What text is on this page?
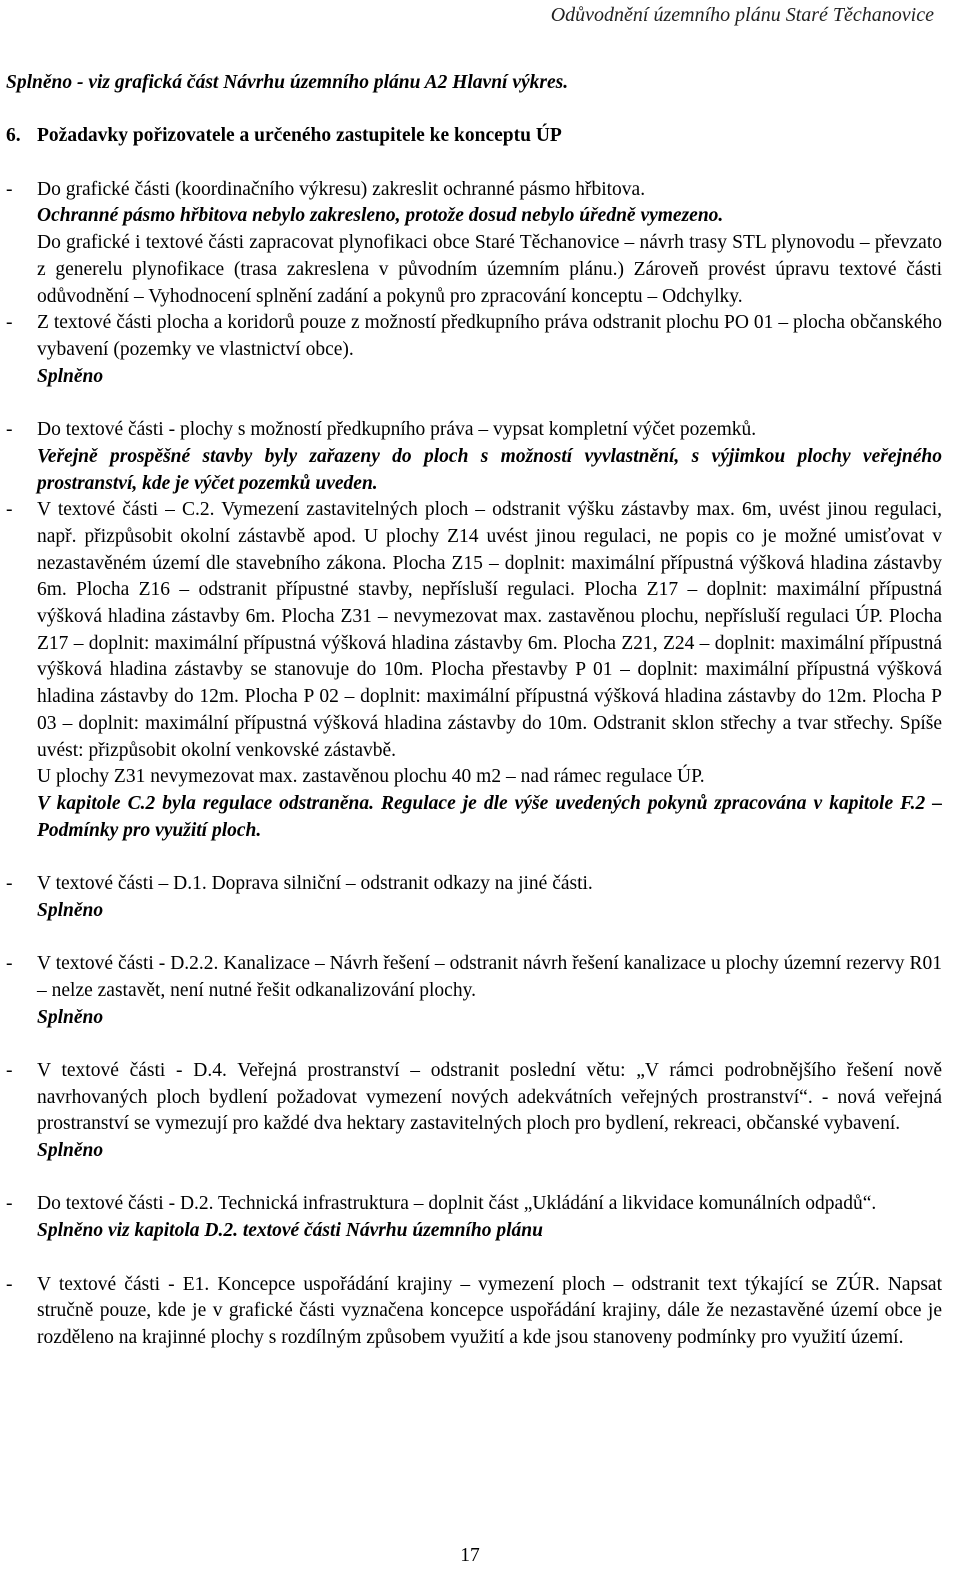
Odůvodnění územního plánu Staré Těchanovice

Splněno - viz grafická část Návrhu územního plánu A2 Hlavní výkres.

6. Požadavky pořizovatele a určeného zastupitele ke konceptu ÚP
- Do grafické části (koordinačního výkresu) zakreslit ochranné pásmo hřbitova.

Ochranné pásmo hřbitova nebylo zakresleno, protože dosud nebylo úředně vymezeno.

Do grafické i textové části zapracovat plynofikaci obce Staré Těchanovice – návrh trasy STL plynovodu – převzato z generelu plynofikace (trasa zakreslena v původním územním plánu.) Zároveň provést úpravu textové části odůvodnění – Vyhodnocení splnění zadání a pokynů pro zpracování konceptu – Odchylky.

- Z textové části plocha a koridorů pouze z možností předkupního práva odstranit plochu PO 01 – plocha občanského vybavení (pozemky ve vlastnictví obce).

Splněno

- Do textové části - plochy s možností předkupního práva – vypsat kompletní výčet pozemků.

Veřejně prospěšné stavby byly zařazeny do ploch s možností vyvlastnění, s výjimkou plochy veřejného prostranství, kde je výčet pozemků uveden.

- V textové části – C.2. Vymezení zastavitelných ploch – odstranit výšku zástavby max. 6m, uvést jinou regulaci, např. přizpůsobit okolní zástavbě apod. U plochy Z14 uvést jinou regulaci, ne popis co je možné umisťovat v nezastavěném území dle stavebního zákona. Plocha Z15 – doplnit: maximální přípustná výšková hladina zástavby 6m. Plocha Z16 – odstranit přípustné stavby, nepřísluší regulaci. Plocha Z17 – doplnit: maximální přípustná výšková hladina zástavby 6m. Plocha Z31 – nevymezovat max. zastavěnou plochu, nepřísluší regulaci ÚP. Plocha Z17 – doplnit: maximální přípustná výšková hladina zástavby 6m. Plocha Z21, Z24 – doplnit: maximální přípustná výšková hladina zástavby se stanovuje do 10m. Plocha přestavby P 01 – doplnit: maximální přípustná výšková hladina zástavby do 12m. Plocha P 02 – doplnit: maximální přípustná výšková hladina zástavby do 12m. Plocha P 03 – doplnit: maximální přípustná výšková hladina zástavby do 10m. Odstranit sklon střechy a tvar střechy. Spíše uvést: přizpůsobit okolní venkovské zástavbě.

U plochy Z31 nevymezovat max. zastavěnou plochu 40 m2 – nad rámec regulace ÚP.

V kapitole C.2 byla regulace odstraněna. Regulace je dle výše uvedených pokynů zpracována v kapitole F.2 – Podmínky pro využití ploch.

- V textové části – D.1. Doprava silniční – odstranit odkazy na jiné části.

Splněno

- V textové části - D.2.2. Kanalizace – Návrh řešení – odstranit návrh řešení kanalizace u plochy územní rezervy R01 – nelze zastavět, není nutné řešit odkanalizování plochy.

Splněno

- V textové části - D.4. Veřejná prostranství – odstranit poslední větu: „V rámci podrobnějšího řešení nově navrhovaných ploch bydlení požadovat vymezení nových adekvátních veřejných prostranství“. - nová veřejná prostranství se vymezují pro každé dva hektary zastavitelných ploch pro bydlení, rekreaci, občanské vybavení.

Splněno

- Do textové části - D.2. Technická infrastruktura – doplnit část „Ukládání a likvidace komunálních odpadů“.

Splněno viz kapitola D.2. textové části Návrhu územního plánu

- V textové části - E1. Koncepce uspořádání krajiny – vymezení ploch – odstranit text týkající se ZÚR. Napsat stručně pouze, kde je v grafické části vyznačena koncepce uspořádání krajiny, dále že nezastavěné území obce je rozděleno na krajinné plochy s rozdílným způsobem využití a kde jsou stanoveny podmínky pro využití území.

17
